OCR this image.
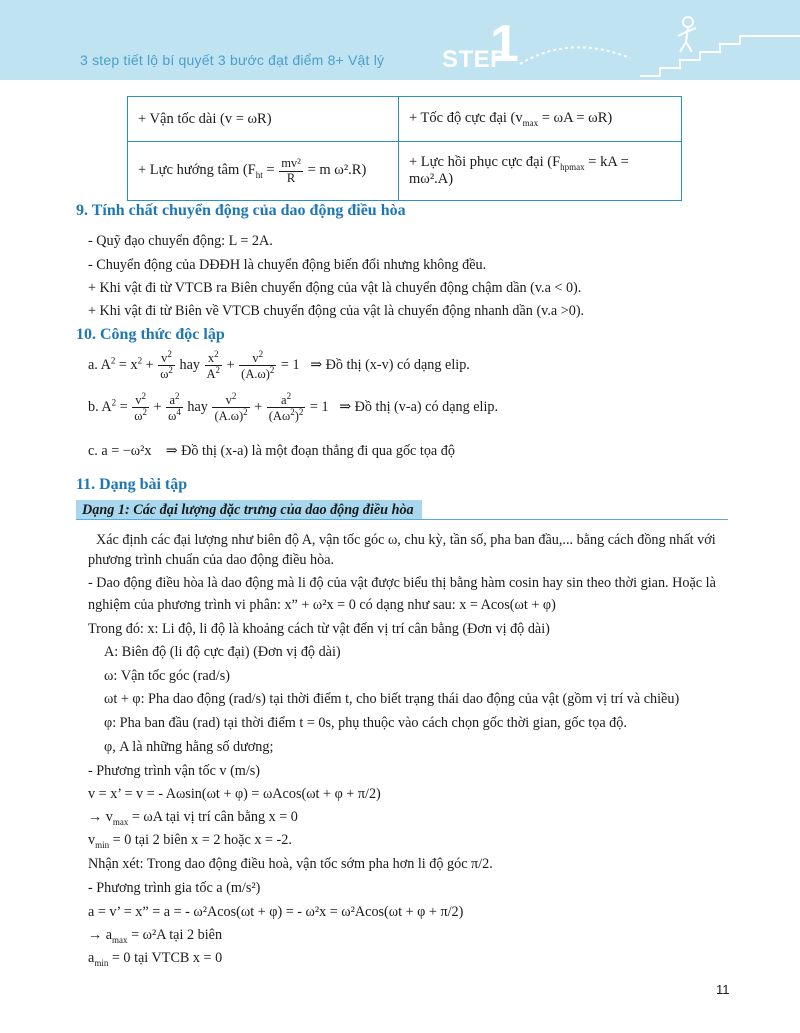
3 step tiết lộ bí quyết 3 bước đạt điểm 8+ Vật lý STEP
1
+ Vận tốc dài (v = ωR)	+ Tốc độ cực đại $(v_{max} = \omega A = \omega R)$
+ Lực hướng tâm ($F_{ht} = \frac{\text{mv²}}{R} = m$ ω².R)	+ Lực hồi phục cực đại ($F_{hpmax}$ = kA = mω².A)
9. Tính chất chuyển động của dao động điều hòa
- Quỹ đạo chuyển động: L = 2A.
- Chuyển động của DĐĐH là chuyển động biến đổi nhưng không đều.
+ Khi vật đi từ VTCB ra Biên chuyển động của vật là chuyển động chậm dần (v.a < 0).
+ Khi vật đi từ Biên về VTCB chuyển động của vật là chuyển động nhanh dần (v.a >0).
10. Công thức độc lập
a. $A^2 = x^2 + \frac{v^2}{\omega^2}$ hay $\frac{x^2}{A^2} + \frac{v^2}{(A.\omega)^2} = 1$   ⇒ Đồ thị (x-v) có dạng elip.
b. $A^2 = \frac{v^2}{\omega^2} + \frac{a^2}{\omega^4}$ hay $\frac{v^2}{(A.\omega)^2} + \frac{a^2}{(A\omega^2)^2} = 1$   ⇒ Đồ thị (v-a) có dạng elip.
c. a = −ω²x ⇒ Đồ thị (x-a) là một đoạn thẳng đi qua gốc tọa độ
11. Dạng bài tập
Dạng 1: Các đại lượng đặc trưng của dao động điều hòa
Xác định các đại lượng như biên độ A, vận tốc góc ω, chu kỳ, tần số, pha ban đầu,... bằng cách đồng nhất với
phương trình chuẩn của dao động điều hòa.
- Dao động điều hòa là dao động mà li độ của vật được biểu thị bằng hàm cosin hay sin theo thời gian. Hoặc là
nghiệm của phương trình vi phân: x” + ω²x = 0 có dạng như sau: x = Acos(ωt + φ)
Trong đó: x: Li độ, li độ là khoảng cách từ vật đến vị trí cân bằng (Đơn vị độ dài)
A: Biên độ (li độ cực đại) (Đơn vị độ dài)
ω: Vận tốc góc (rad/s)
ωt + φ: Pha dao động (rad/s) tại thời điểm t, cho biết trạng thái dao động của vật (gồm vị trí và chiều)
φ: Pha ban đầu (rad) tại thời điểm t = 0s, phụ thuộc vào cách chọn gốc thời gian, gốc tọa độ.
φ, A là những hằng số dương;
- Phương trình vận tốc v (m/s)
v = x’ = v = - Aωsin(ωt + φ) = ωAcos(ωt + φ + π/2)
→ $v_{max} = \omega A$ tại vị trí cân bằng x = 0
$v_{min} = 0$ tại 2 biên x = 2 hoặc x = -2.
Nhận xét: Trong dao động điều hoà, vận tốc sớm pha hơn li độ góc π/2.
- Phương trình gia tốc a (m/s²)
a = v’ = x” = a = - ω²Acos(ωt + φ) = - ω²x = ω²Acos(ωt + φ + π/2)
→ $a_{max} = \omega^2A$ tại 2 biên
$a_{min} = 0$ tại VTCB x = 0
11
